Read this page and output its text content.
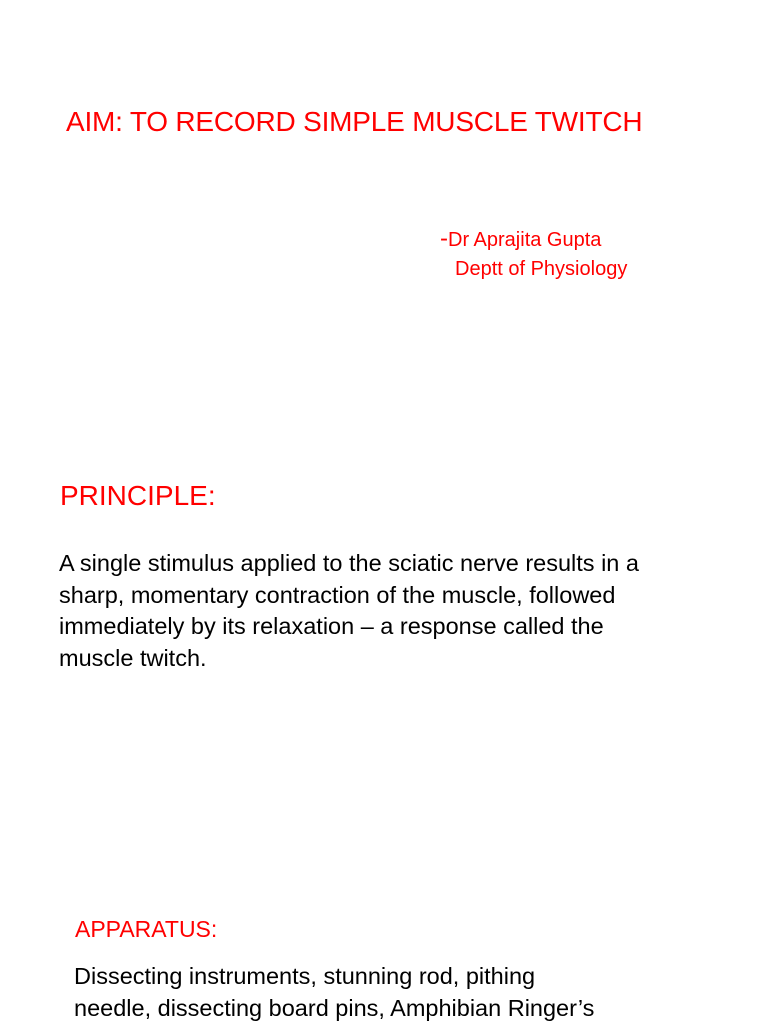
AIM: TO RECORD SIMPLE MUSCLE TWITCH
-Dr Aprajita Gupta
Deptt of Physiology
PRINCIPLE:
A single stimulus applied to the sciatic nerve results in a
sharp, momentary contraction of the muscle, followed
immediately by its relaxation – a response called the
muscle twitch.
APPARATUS:
Dissecting instruments, stunning rod, pithing
needle, dissecting board pins, Amphibian Ringer’s
